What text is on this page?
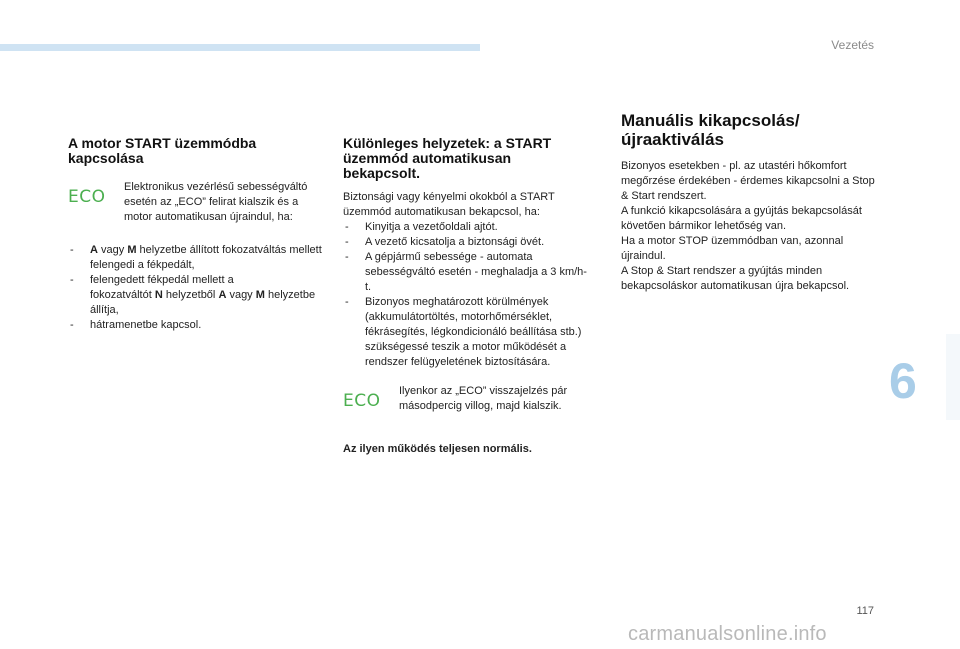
Vezetés
6
117
carmanualsonline.info
A motor START üzemmódba kapcsolása
ECO	Elektronikus vezérlésű sebességváltó esetén az „ECO” felirat kialszik és a motor automatikusan újraindul, ha:

- A vagy M helyzetbe állított fokozatváltás mellett felengedi a fékpedált,
- felengedett fékpedál mellett a
fokozatváltót N helyzetből A vagy M helyzetbe állítja,
- hátramenetbe kapcsol.
Különleges helyzetek: a START üzemmód automatikusan bekapcsolt.

Biztonsági vagy kényelmi okokból a START üzemmód automatikusan bekapcsol, ha:

- Kinyitja a vezetőoldali ajtót.
- A vezető kicsatolja a biztonsági övét.
- A gépjármű sebessége - automata sebességváltó esetén - meghaladja a 3 km/h-t.
- Bizonyos meghatározott körülmények (akkumulátortöltés, motorhőmérséklet, fékrásegítés, légkondicionáló beállítása stb.) szükségessé teszik a motor működését a rendszer felügyeletének biztosítására.
ECO	Ilyenkor az „ECO” visszajelzés pár másodpercig villog, majd kialszik.

Az ilyen működés teljesen normális.

Manuális kikapcsolás/ újraaktiválás

Bizonyos esetekben - pl. az utastéri hőkomfort megőrzése érdekében - érdemes kikapcsolni a Stop & Start rendszert.
A funkció kikapcsolására a gyújtás bekapcsolását követően bármikor lehetőség van.
Ha a motor STOP üzemmódban van, azonnal újraindul.
A Stop & Start rendszer a gyújtás minden bekapcsoláskor automatikusan újra bekapcsol.
